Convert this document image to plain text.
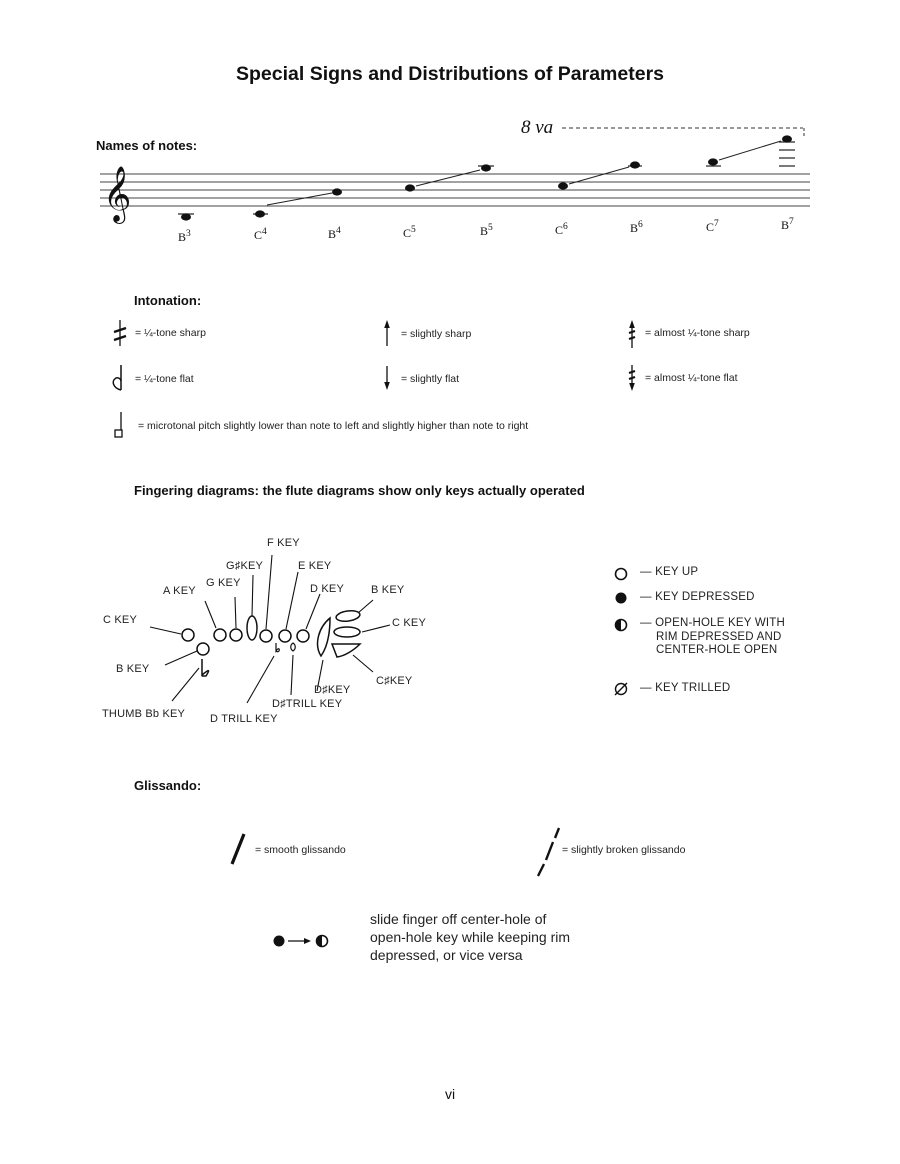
Special Signs and Distributions of Parameters
Names of notes:
8 va
𝄞
$B^3$	$C^4$	$B^4$	$C^5$	$B^5$	$C^6$	$B^6$	$C^7$	$B^7$
Intonation:
= ¼-tone sharp	= slightly sharp	= almost ¼-tone sharp
= ¼-tone flat	= slightly flat	= almost ¼-tone flat
= microtonal pitch slightly lower than note to left and slightly higher than note to right
Fingering diagrams: the flute diagrams show only keys actually operated
F KEY
G♯KEY	E KEY
G KEY
A KEY	D KEY B KEY
C KEY	C KEY
B KEY
THUMB Bb KEY D TRILL KEY
D♯TRILL KEY
D♯KEY
C♯KEY
— KEY UP
— KEY DEPRESSED
— OPEN-HOLE KEY WITH
RIM DEPRESSED AND
CENTER-HOLE OPEN
— KEY TRILLED
Glissando:
= smooth glissando	= slightly broken glissando
slide finger off center-hole of
open-hole key while keeping rim
depressed, or vice versa
vi
